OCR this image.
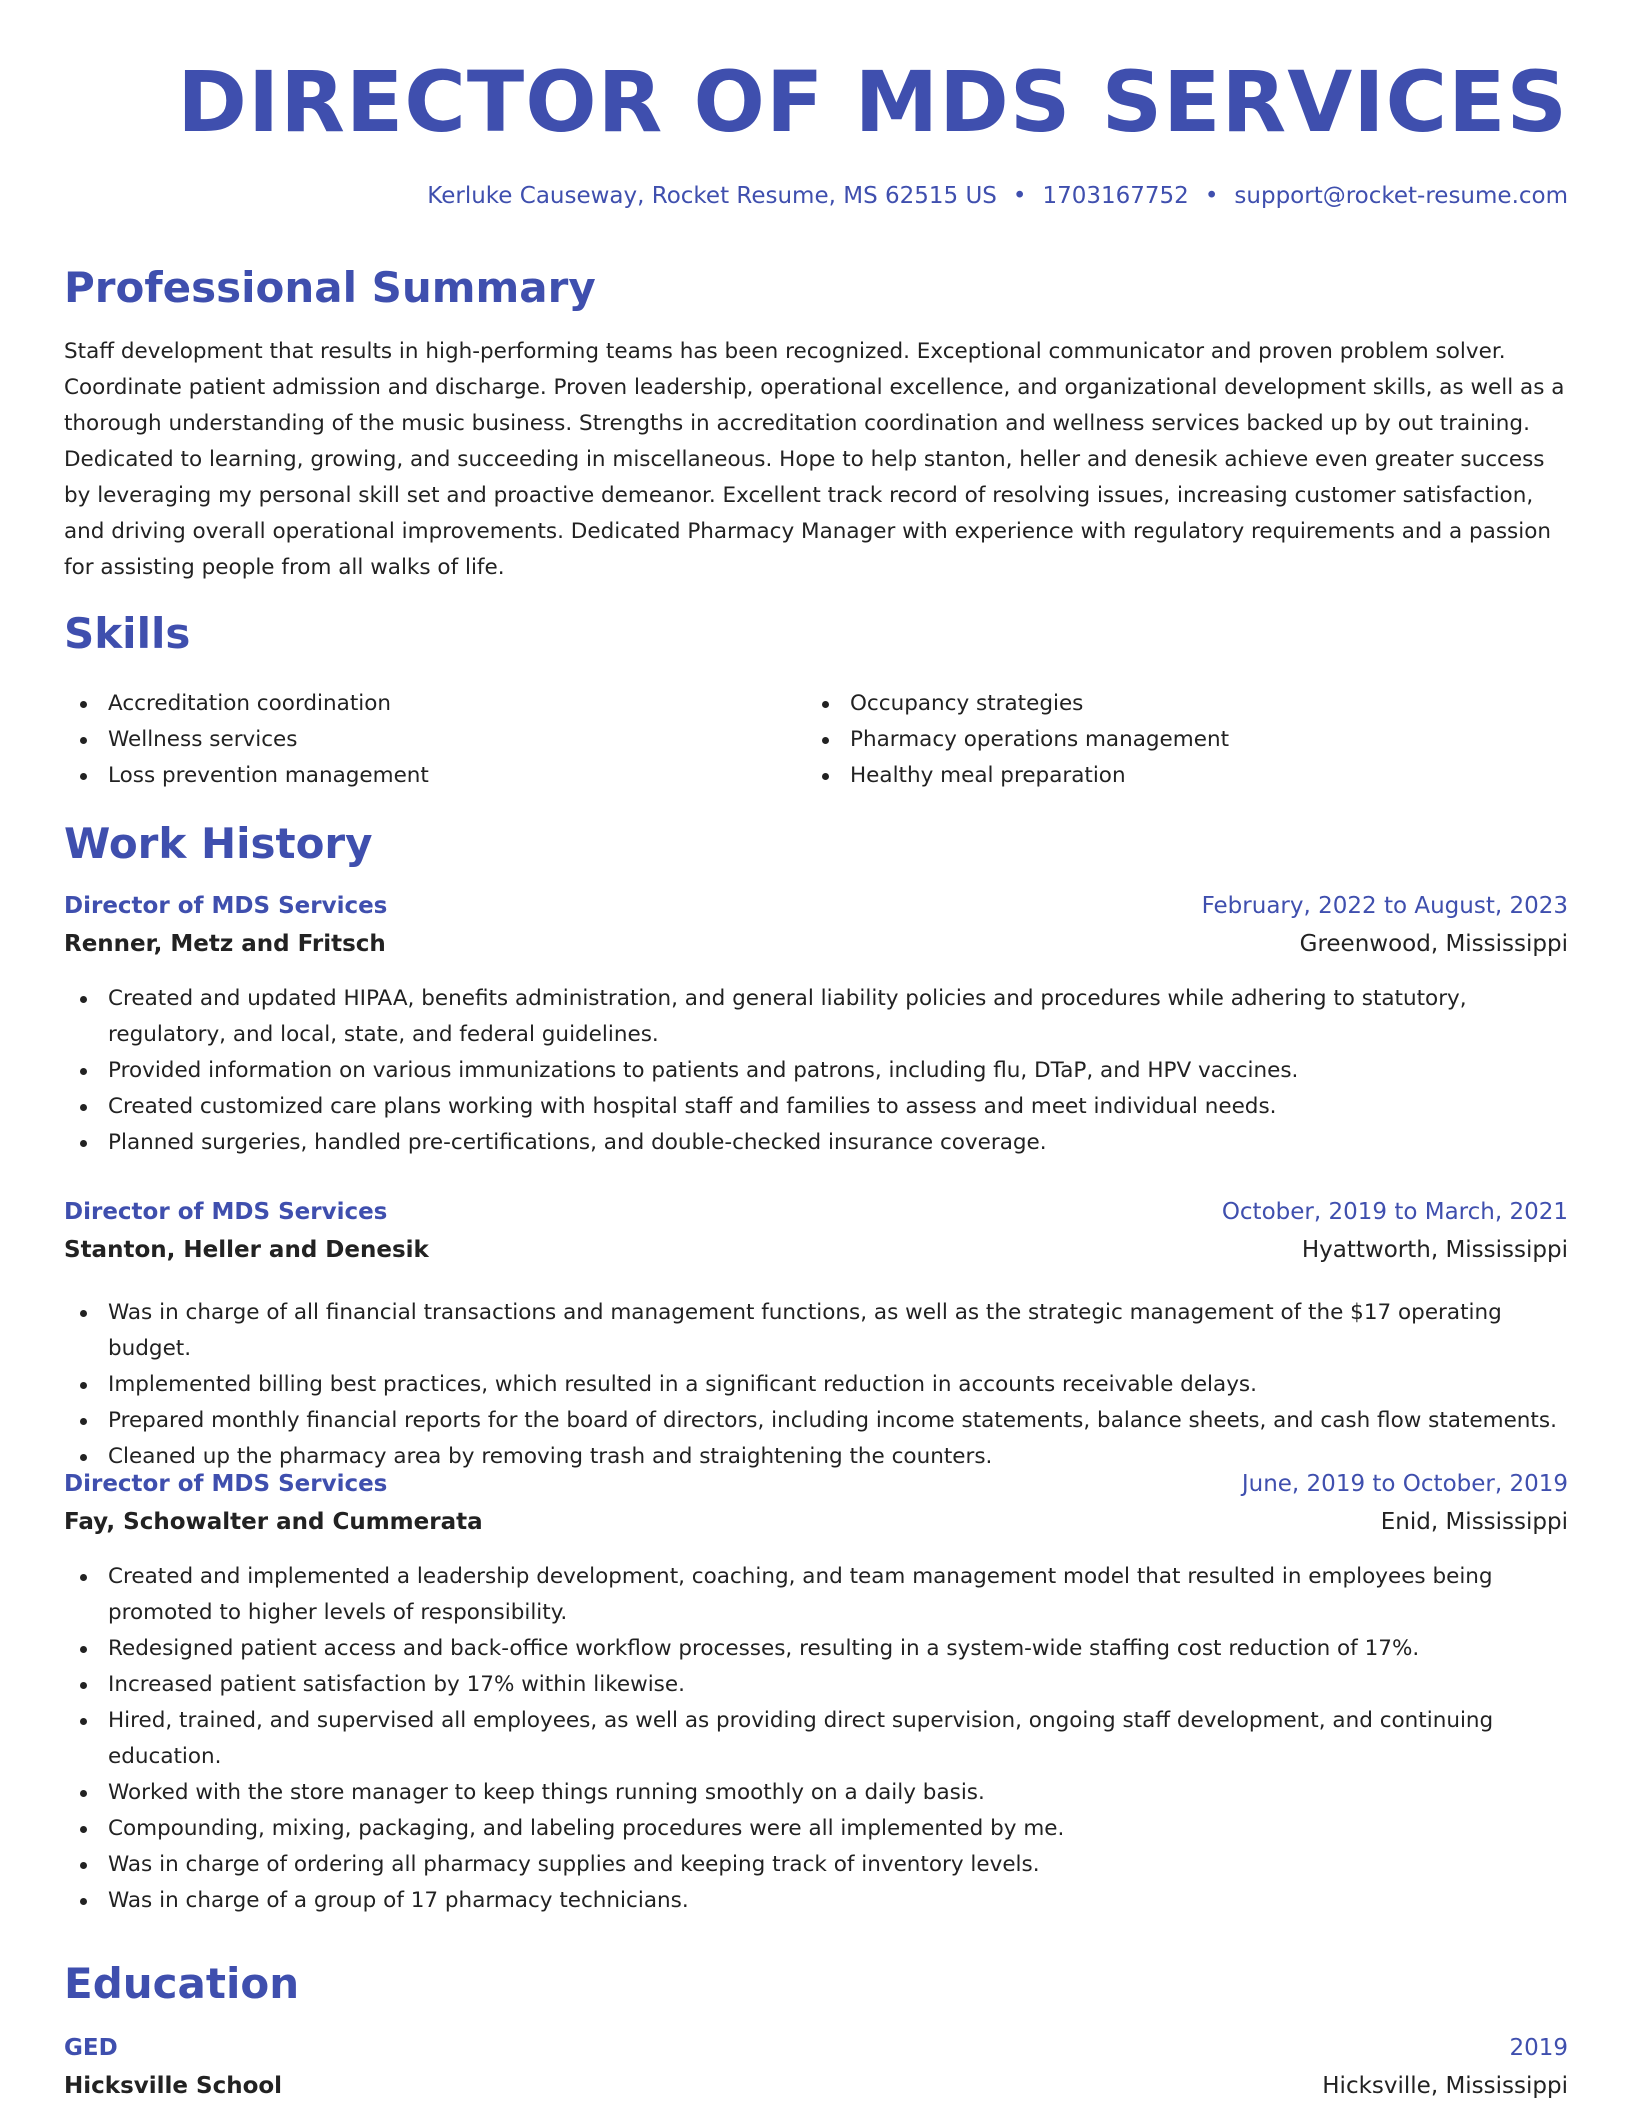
DIRECTOR OF MDS SERVICES
Kerluke Causeway, Rocket Resume, MS 62515 US • 1703167752 • support@rocket-resume.com
Professional Summary

Staff development that results in high-performing teams has been recognized. Exceptional communicator and proven problem solver. Coordinate patient admission and discharge. Proven leadership, operational excellence, and organizational development skills, as well as a thorough understanding of the music business. Strengths in accreditation coordination and wellness services backed up by out training. Dedicated to learning, growing, and succeeding in miscellaneous. Hope to help stanton, heller and denesik achieve even greater success by leveraging my personal skill set and proactive demeanor. Excellent track record of resolving issues, increasing customer satisfaction, and driving overall operational improvements. Dedicated Pharmacy Manager with experience with regulatory requirements and a passion for assisting people from all walks of life.

Skills
Accreditation coordination
Wellness services
Loss prevention management
Occupancy strategies
Pharmacy operations management
Healthy meal preparation
Work History
Director of MDS Services	February, 2022 to August, 2023
Renner, Metz and Fritsch	Greenwood, Mississippi
Created and updated HIPAA, benefits administration, and general liability policies and procedures while adhering to statutory, regulatory, and local, state, and federal guidelines.
Provided information on various immunizations to patients and patrons, including flu, DTaP, and HPV vaccines.
Created customized care plans working with hospital staff and families to assess and meet individual needs.
Planned surgeries, handled pre-certifications, and double-checked insurance coverage.
Director of MDS Services	October, 2019 to March, 2021
Stanton, Heller and Denesik	Hyattworth, Mississippi
Was in charge of all financial transactions and management functions, as well as the strategic management of the $17 operating budget.
Implemented billing best practices, which resulted in a significant reduction in accounts receivable delays.
Prepared monthly financial reports for the board of directors, including income statements, balance sheets, and cash flow statements.
Cleaned up the pharmacy area by removing trash and straightening the counters.
Director of MDS Services	June, 2019 to October, 2019
Fay, Schowalter and Cummerata	Enid, Mississippi
Created and implemented a leadership development, coaching, and team management model that resulted in employees being promoted to higher levels of responsibility.
Redesigned patient access and back-office workflow processes, resulting in a system-wide staffing cost reduction of 17%.
Increased patient satisfaction by 17% within likewise.
Hired, trained, and supervised all employees, as well as providing direct supervision, ongoing staff development, and continuing education.
Worked with the store manager to keep things running smoothly on a daily basis.
Compounding, mixing, packaging, and labeling procedures were all implemented by me.
Was in charge of ordering all pharmacy supplies and keeping track of inventory levels.
Was in charge of a group of 17 pharmacy technicians.
Education
GED	2019
Hicksville School	Hicksville, Mississippi
